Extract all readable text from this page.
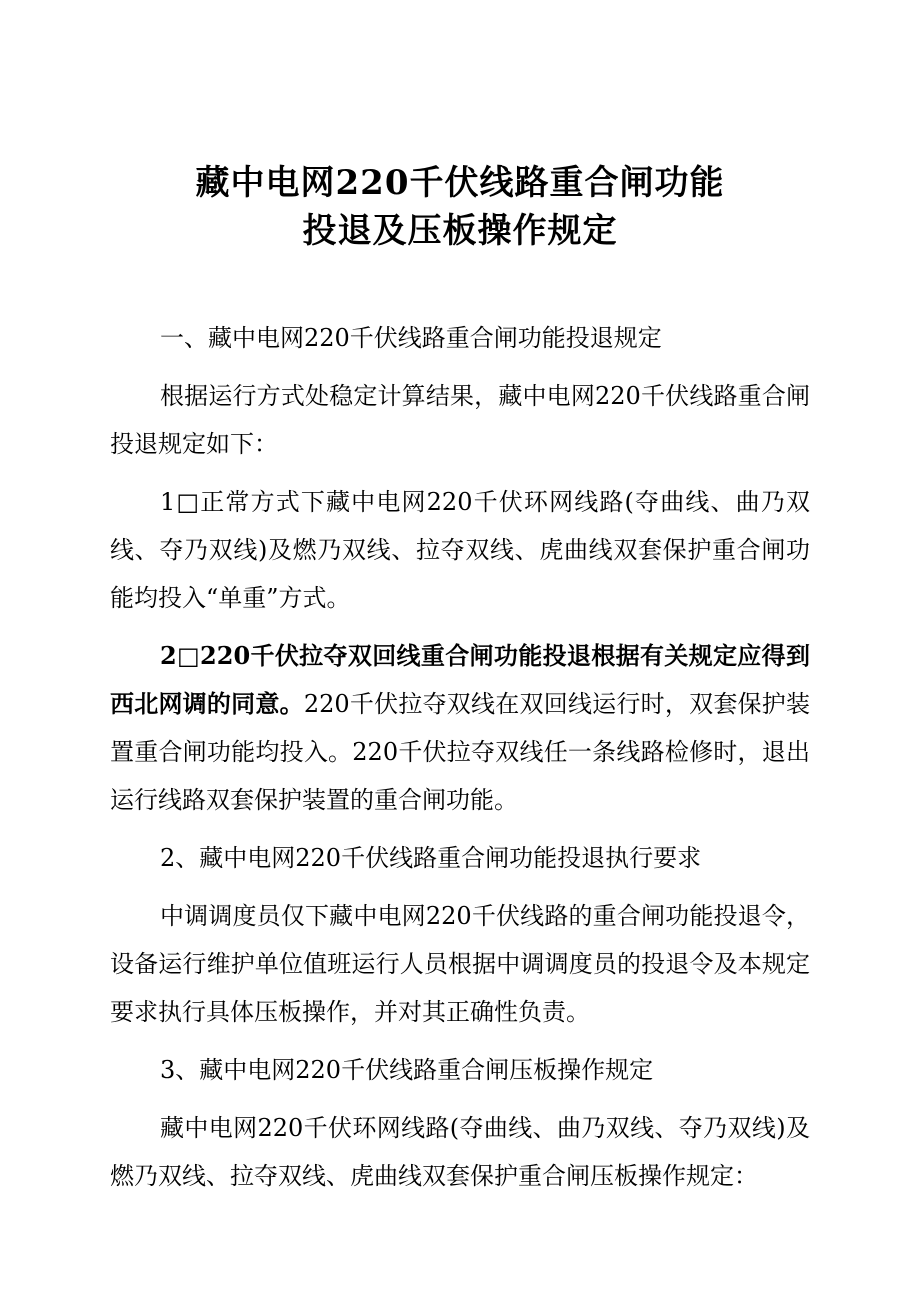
藏中电网220千伏线路重合闸功能
投退及压板操作规定

一、藏中电网220千伏线路重合闸功能投退规定

根据运行方式处稳定计算结果，藏中电网220千伏线路重合闸投退规定如下：

1□正常方式下藏中电网220千伏环网线路(夺曲线、曲乃双线、夺乃双线)及燃乃双线、拉夺双线、虎曲线双套保护重合闸功能均投入“单重”方式。

2□220千伏拉夺双回线重合闸功能投退根据有关规定应得到西北网调的同意。220千伏拉夺双线在双回线运行时，双套保护装置重合闸功能均投入。220千伏拉夺双线任一条线路检修时，退出运行线路双套保护装置的重合闸功能。

2、藏中电网220千伏线路重合闸功能投退执行要求

中调调度员仅下藏中电网220千伏线路的重合闸功能投退令，设备运行维护单位值班运行人员根据中调调度员的投退令及本规定要求执行具体压板操作，并对其正确性负责。

3、藏中电网220千伏线路重合闸压板操作规定

藏中电网220千伏环网线路(夺曲线、曲乃双线、夺乃双线)及燃乃双线、拉夺双线、虎曲线双套保护重合闸压板操作规定：
